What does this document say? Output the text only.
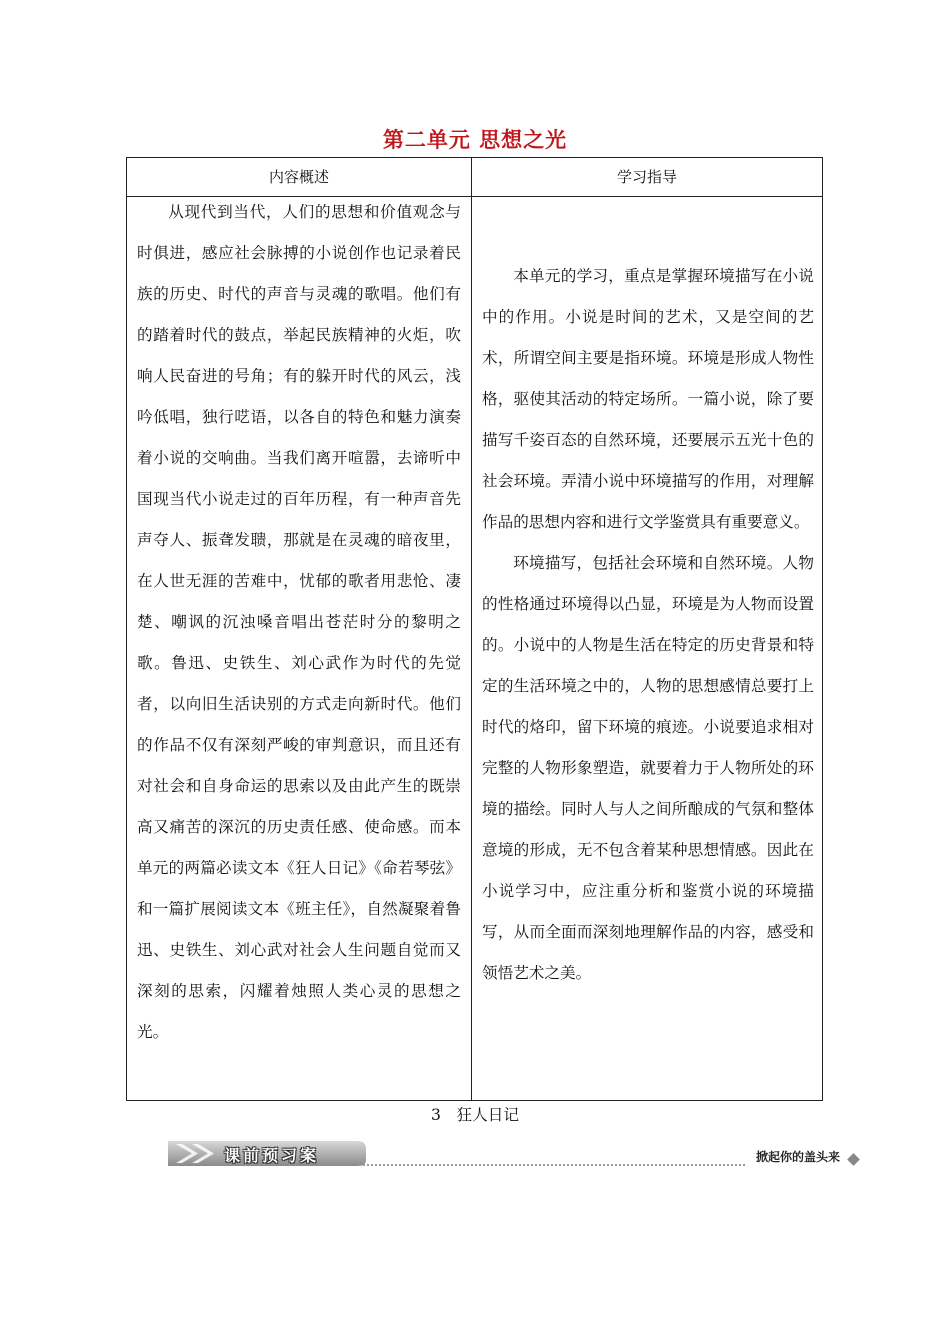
第二单元 思想之光
内容概述	学习指导

从现代到当代，人们的思想和价值观念与时俱进，感应社会脉搏的小说创作也记录着民族的历史、时代的声音与灵魂的歌唱。他们有的踏着时代的鼓点，举起民族精神的火炬，吹响人民奋进的号角；有的躲开时代的风云，浅吟低唱，独行呓语，以各自的特色和魅力演奏着小说的交响曲。当我们离开喧嚣，去谛听中国现当代小说走过的百年历程，有一种声音先声夺人、振聋发聩，那就是在灵魂的暗夜里，在人世无涯的苦难中，忧郁的歌者用悲怆、凄楚、嘲讽的沉浊嗓音唱出苍茫时分的黎明之歌。鲁迅、史铁生、刘心武作为时代的先觉者，以向旧生活诀别的方式走向新时代。他们的作品不仅有深刻严峻的审判意识，而且还有对社会和自身命运的思索以及由此产生的既崇高又痛苦的深沉的历史责任感、使命感。而本单元的两篇必读文本《狂人日记》《命若琴弦》和一篇扩展阅读文本《班主任》，自然凝聚着鲁迅、史铁生、刘心武对社会人生问题自觉而又深刻的思索，闪耀着烛照人类心灵的思想之光。

本单元的学习，重点是掌握环境描写在小说中的作用。小说是时间的艺术，又是空间的艺术，所谓空间主要是指环境。环境是形成人物性格，驱使其活动的特定场所。一篇小说，除了要描写千姿百态的自然环境，还要展示五光十色的社会环境。弄清小说中环境描写的作用，对理解作品的思想内容和进行文学鉴赏具有重要意义。

环境描写，包括社会环境和自然环境。人物的性格通过环境得以凸显，环境是为人物而设置的。小说中的人物是生活在特定的历史背景和特定的生活环境之中的，人物的思想感情总要打上时代的烙印，留下环境的痕迹。小说要追求相对完整的人物形象塑造，就要着力于人物所处的环境的描绘。同时人与人之间所酿成的气氛和整体意境的形成，无不包含着某种思想情感。因此在小说学习中，应注重分析和鉴赏小说的环境描写，从而全面而深刻地理解作品的内容，感受和领悟艺术之美。

3　狂人日记
课前预习案	掀起你的盖头来
